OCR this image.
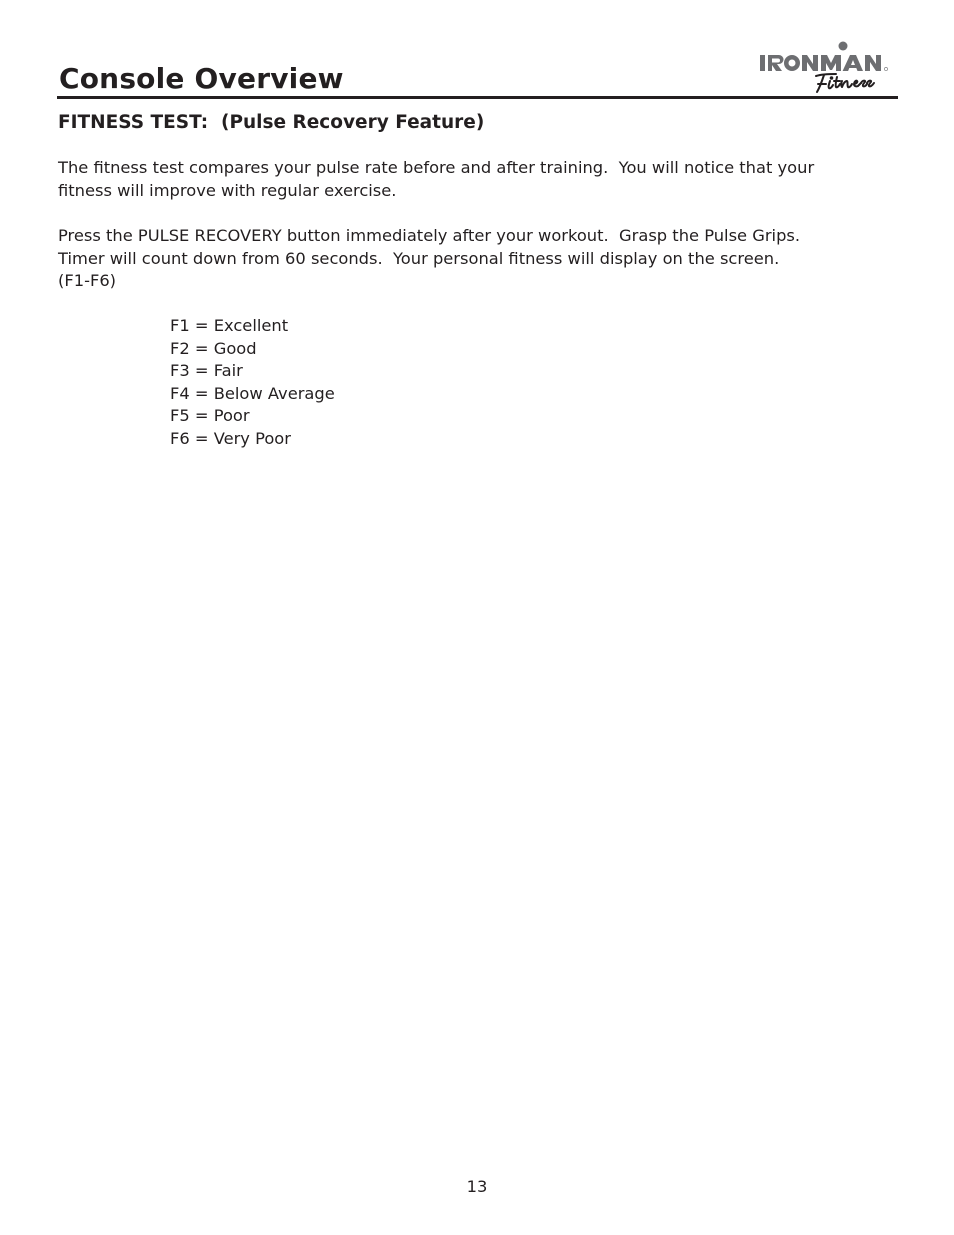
Console Overview
FITNESS TEST:  (Pulse Recovery Feature)

The fitness test compares your pulse rate before and after training.  You will notice that your
fitness will improve with regular exercise.

Press the PULSE RECOVERY button immediately after your workout.  Grasp the Pulse Grips.
Timer will count down from 60 seconds.  Your personal fitness will display on the screen.
(F1-F6)

F1 = Excellent
F2 = Good
F3 = Fair
F4 = Below Average
F5 = Poor
F6 = Very Poor
13
